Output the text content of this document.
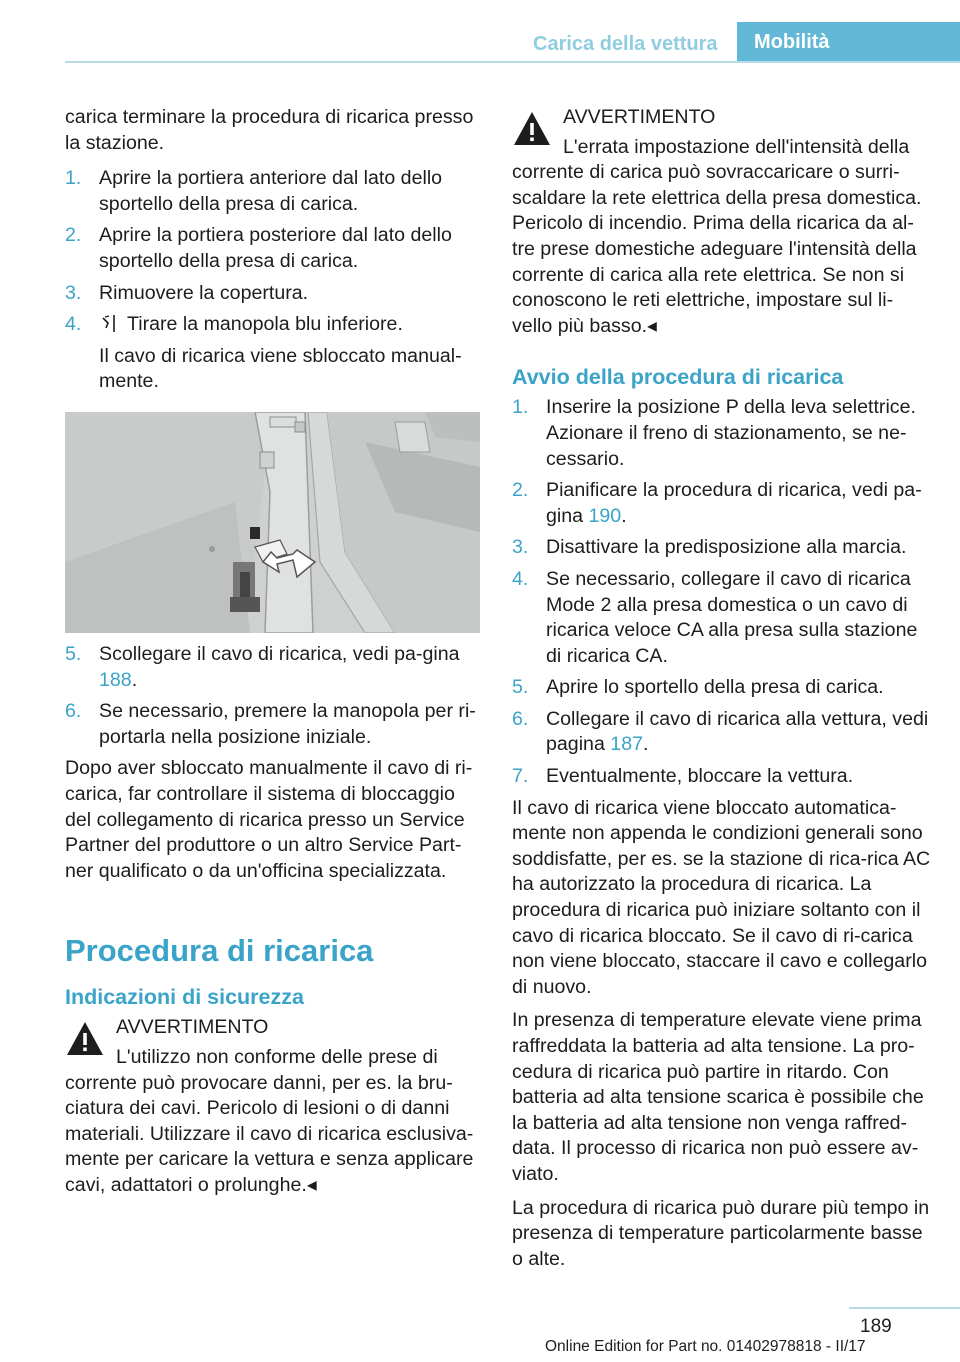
Carica della vettura	Mobilità

carica terminare la procedura di ricarica presso la stazione.

1. Aprire la portiera anteriore dal lato dello sportello della presa di carica.
2. Aprire la portiera posteriore dal lato dello sportello della presa di carica.
3. Rimuovere la copertura.
4.	Tirare la manopola blu inferiore.

Il cavo di ricarica viene sbloccato manual-mente.

5. Scollegare il cavo di ricarica, vedi pa-gina 188.
6. Se necessario, premere la manopola per ri-portarla nella posizione iniziale.

Dopo aver sbloccato manualmente il cavo di ri-carica, far controllare il sistema di bloccaggio del collegamento di ricarica presso un Service Partner del produttore o un altro Service Part-ner qualificato o da un'officina specializzata.

Procedura di ricarica
Indicazioni di sicurezza

AVVERTIMENTO

L'utilizzo non conforme delle prese di

corrente può provocare danni, per es. la bru-ciatura dei cavi. Pericolo di lesioni o di danni materiali. Utilizzare il cavo di ricarica esclusiva-mente per caricare la vettura e senza applicare cavi, adattatori o prolunghe.◂

AVVERTIMENTO

L'errata impostazione dell'intensità della

corrente di carica può sovraccaricare o surri-scaldare la rete elettrica della presa domestica. Pericolo di incendio. Prima della ricarica da al-tre prese domestiche adeguare l'intensità della corrente di carica alla rete elettrica. Se non si conoscono le reti elettriche, impostare sul li-vello più basso.◂

Avvio della procedura di ricarica
1. Inserire la posizione P della leva selettrice. Azionare il freno di stazionamento, se ne-cessario.
2. Pianificare la procedura di ricarica, vedi pa-gina 190.
3. Disattivare la predisposizione alla marcia.
4. Se necessario, collegare il cavo di ricarica Mode 2 alla presa domestica o un cavo di ricarica veloce CA alla presa sulla stazione di ricarica CA.
5. Aprire lo sportello della presa di carica.
6. Collegare il cavo di ricarica alla vettura, vedi pagina 187.
7. Eventualmente, bloccare la vettura.

Il cavo di ricarica viene bloccato automatica-mente non appenda le condizioni generali sono soddisfatte, per es. se la stazione di rica-rica AC ha autorizzato la procedura di ricarica. La procedura di ricarica può iniziare soltanto con il cavo di ricarica bloccato. Se il cavo di ri-carica non viene bloccato, staccare il cavo e collegarlo di nuovo.

In presenza di temperature elevate viene prima raffreddata la batteria ad alta tensione. La pro-cedura di ricarica può partire in ritardo. Con batteria ad alta tensione scarica è possibile che la batteria ad alta tensione non venga raffred-data. Il processo di ricarica non può essere av-viato.

La procedura di ricarica può durare più tempo in presenza di temperature particolarmente basse o alte.

189
Online Edition for Part no. 01402978818 - II/17
